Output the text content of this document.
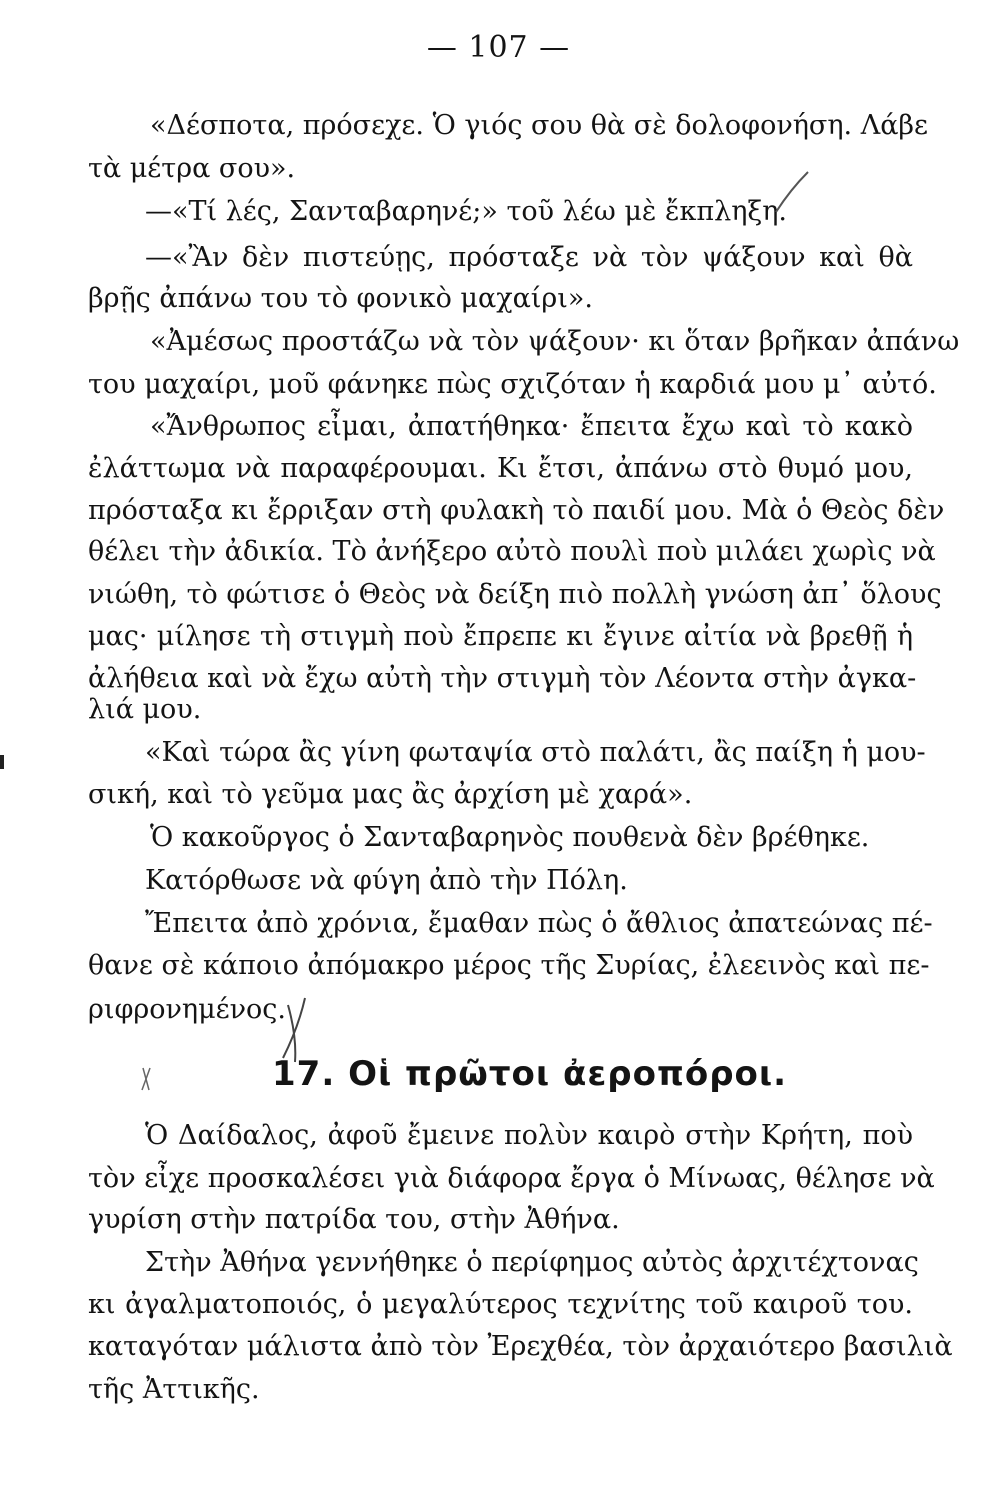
— 107 —
«Δέσποτα, πρόσεχε. Ὁ γιός σου θὰ σὲ δολοφονήση. Λάβε
τὰ μέτρα σου».
—«Τί λές, Σανταβαρηνέ;» τοῦ λέω μὲ ἔκπληξη.
—«Ἂν δὲν πιστεύῃς, πρόσταξε νὰ τὸν ψάξουν καὶ θὰ
βρῇς ἀπάνω του τὸ φονικὸ μαχαίρι».
«Ἀμέσως προστάζω νὰ τὸν ψάξουν· κι ὅταν βρῆκαν ἀπάνω
του μαχαίρι, μοῦ φάνηκε πὼς σχιζόταν ἡ καρδιά μου μ᾽ αὐτό.
«Ἄνθρωπος εἶμαι, ἀπατήθηκα· ἔπειτα ἔχω καὶ τὸ κακὸ
ἐλάττωμα νὰ παραφέρουμαι. Κι ἔτσι, ἀπάνω στὸ θυμό μου,
πρόσταξα κι ἔρριξαν στὴ φυλακὴ τὸ παιδί μου. Μὰ ὁ Θεὸς δὲν
θέλει τὴν ἀδικία. Τὸ ἀνήξερο αὐτὸ πουλὶ ποὺ μιλάει χωρὶς νὰ
νιώθη, τὸ φώτισε ὁ Θεὸς νὰ δείξη πιὸ πολλὴ γνώση ἀπ᾽ ὅλους
μας· μίλησε τὴ στιγμὴ ποὺ ἔπρεπε κι ἔγινε αἰτία νὰ βρεθῇ ἡ
ἀλήθεια καὶ νὰ ἔχω αὐτὴ τὴν στιγμὴ τὸν Λέοντα στὴν ἀγκα-
λιά μου.
«Καὶ τώρα ἂς γίνη φωταψία στὸ παλάτι, ἂς παίξη ἡ μου-
σική, καὶ τὸ γεῦμα μας ἂς ἀρχίση μὲ χαρά».
Ὁ κακοῦργος ὁ Σανταβαρηνὸς πουθενὰ δὲν βρέθηκε.
Κατόρθωσε νὰ φύγη ἀπὸ τὴν Πόλη.
Ἔπειτα ἀπὸ χρόνια, ἔμαθαν πὼς ὁ ἄθλιος ἀπατεώνας πέ-
θανε σὲ κάποιο ἀπόμακρο μέρος τῆς Συρίας, ἐλεεινὸς καὶ πε-
ριφρονημένος.
17. Οἱ πρῶτοι ἀεροπόροι.
Ὁ Δαίδαλος, ἀφοῦ ἔμεινε πολὺν καιρὸ στὴν Κρήτη, ποὺ
τὸν εἶχε προσκαλέσει γιὰ διάφορα ἔργα ὁ Μίνωας, θέλησε νὰ
γυρίση στὴν πατρίδα του, στὴν Ἀθήνα.
Στὴν Ἀθήνα γεννήθηκε ὁ περίφημος αὐτὸς ἀρχιτέχτονας
κι ἀγαλματοποιός, ὁ μεγαλύτερος τεχνίτης τοῦ καιροῦ του.
καταγόταν μάλιστα ἀπὸ τὸν Ἐρεχθέα, τὸν ἀρχαιότερο βασιλιὰ
τῆς Ἀττικῆς.
